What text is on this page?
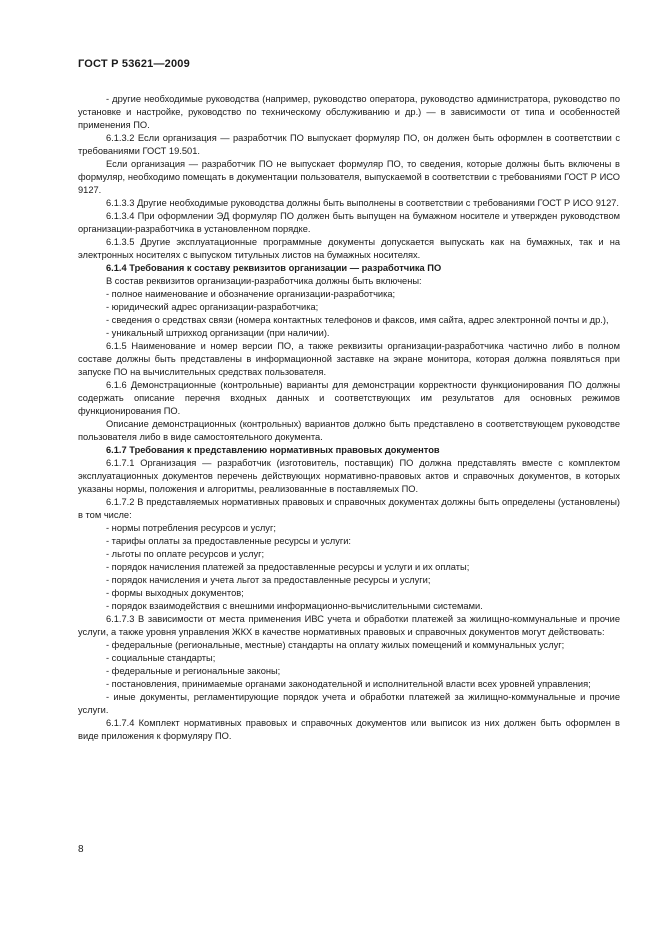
ГОСТ Р 53621—2009

- другие необходимые руководства (например, руководство оператора, руководство администратора, руководство по установке и настройке, руководство по техническому обслуживанию и др.) — в зависимости от типа и особенностей применения ПО.

6.1.3.2 Если организация — разработчик ПО выпускает формуляр ПО, он должен быть оформлен в соответствии с требованиями ГОСТ 19.501.

Если организация — разработчик ПО не выпускает формуляр ПО, то сведения, которые должны быть включены в формуляр, необходимо помещать в документации пользователя, выпускаемой в соответствии с требованиями ГОСТ Р ИСО 9127.

6.1.3.3 Другие необходимые руководства должны быть выполнены в соответствии с требованиями ГОСТ Р ИСО 9127.

6.1.3.4 При оформлении ЭД формуляр ПО должен быть выпущен на бумажном носителе и утвержден руководством организации-разработчика в установленном порядке.

6.1.3.5 Другие эксплуатационные программные документы допускается выпускать как на бумажных, так и на электронных носителях с выпуском титульных листов на бумажных носителях.

6.1.4 Требования к составу реквизитов организации — разработчика ПО

В состав реквизитов организации-разработчика должны быть включены:

- полное наименование и обозначение организации-разработчика;

- юридический адрес организации-разработчика;

- сведения о средствах связи (номера контактных телефонов и факсов, имя сайта, адрес электронной почты и др.),

- уникальный штрихкод организации (при наличии).

6.1.5 Наименование и номер версии ПО, а также реквизиты организации-разработчика частично либо в полном составе должны быть представлены в информационной заставке на экране монитора, которая должна появляться при запуске ПО на вычислительных средствах пользователя.

6.1.6 Демонстрационные (контрольные) варианты для демонстрации корректности функционирования ПО должны содержать описание перечня входных данных и соответствующих им результатов для основных режимов функционирования ПО.

Описание демонстрационных (контрольных) вариантов должно быть представлено в соответствующем руководстве пользователя либо в виде самостоятельного документа.

6.1.7 Требования к представлению нормативных правовых документов

6.1.7.1 Организация — разработчик (изготовитель, поставщик) ПО должна представлять вместе с комплектом эксплуатационных документов перечень действующих нормативно-правовых актов и справочных документов, в которых указаны нормы, положения и алгоритмы, реализованные в поставляемых ПО.

6.1.7.2 В представляемых нормативных правовых и справочных документах должны быть определены (установлены) в том числе:

- нормы потребления ресурсов и услуг;

- тарифы оплаты за предоставленные ресурсы и услуги:

- льготы по оплате ресурсов и услуг;

- порядок начисления платежей за предоставленные ресурсы и услуги и их оплаты;

- порядок начисления и учета льгот за предоставленные ресурсы и услуги;

- формы выходных документов;

- порядок взаимодействия с внешними информационно-вычислительными системами.

6.1.7.3 В зависимости от места применения ИВС учета и обработки платежей за жилищно-коммунальные и прочие услуги, а также уровня управления ЖКХ в качестве нормативных правовых и справочных документов могут действовать:

- федеральные (региональные, местные) стандарты на оплату жилых помещений и коммунальных услуг;

- социальные стандарты;

- федеральные и региональные законы;

- постановления, принимаемые органами законодательной и исполнительной власти всех уровней управления;

- иные документы, регламентирующие порядок учета и обработки платежей за жилищно-коммунальные и прочие услуги.

6.1.7.4 Комплект нормативных правовых и справочных документов или выписок из них должен быть оформлен в виде приложения к формуляру ПО.

8
